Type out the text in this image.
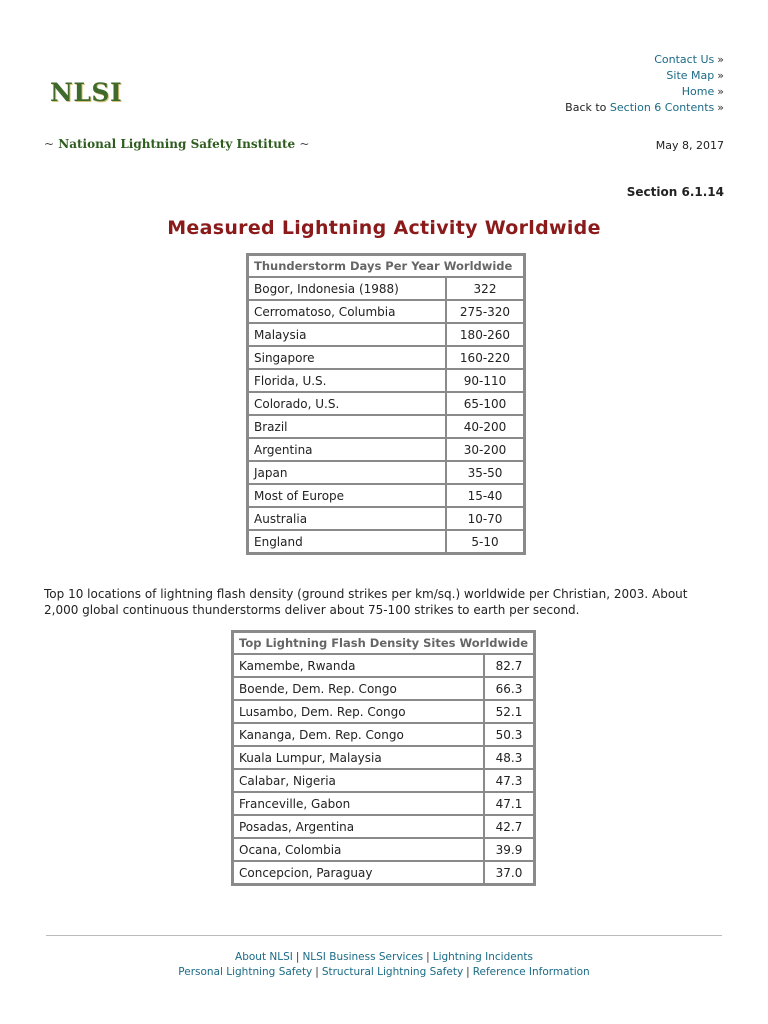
NLSI
Contact Us »
Site Map »
Home »
Back to Section 6 Contents »
~ National Lightning Safety Institute ~	May 8, 2017
Section 6.1.14
Measured Lightning Activity Worldwide
Thunderstorm Days Per Year Worldwide	
Bogor, Indonesia (1988)	322
Cerromatoso, Columbia	275-320
Malaysia	180-260
Singapore	160-220
Florida, U.S.	90-110
Colorado, U.S.	65-100
Brazil	40-200
Argentina	30-200
Japan	35-50
Most of Europe	15-40
Australia	10-70
England	5-10
Top 10 locations of lightning flash density (ground strikes per km/sq.) worldwide per Christian, 2003. About 2,000 global continuous thunderstorms deliver about 75-100 strikes to earth per second.
Top Lightning Flash Density Sites Worldwide	
Kamembe, Rwanda	82.7
Boende, Dem. Rep. Congo	66.3
Lusambo, Dem. Rep. Congo	52.1
Kananga, Dem. Rep. Congo	50.3
Kuala Lumpur, Malaysia	48.3
Calabar, Nigeria	47.3
Franceville, Gabon	47.1
Posadas, Argentina	42.7
Ocana, Colombia	39.9
Concepcion, Paraguay	37.0
About NLSI | NLSI Business Services | Lightning Incidents
Personal Lightning Safety | Structural Lightning Safety | Reference Information
